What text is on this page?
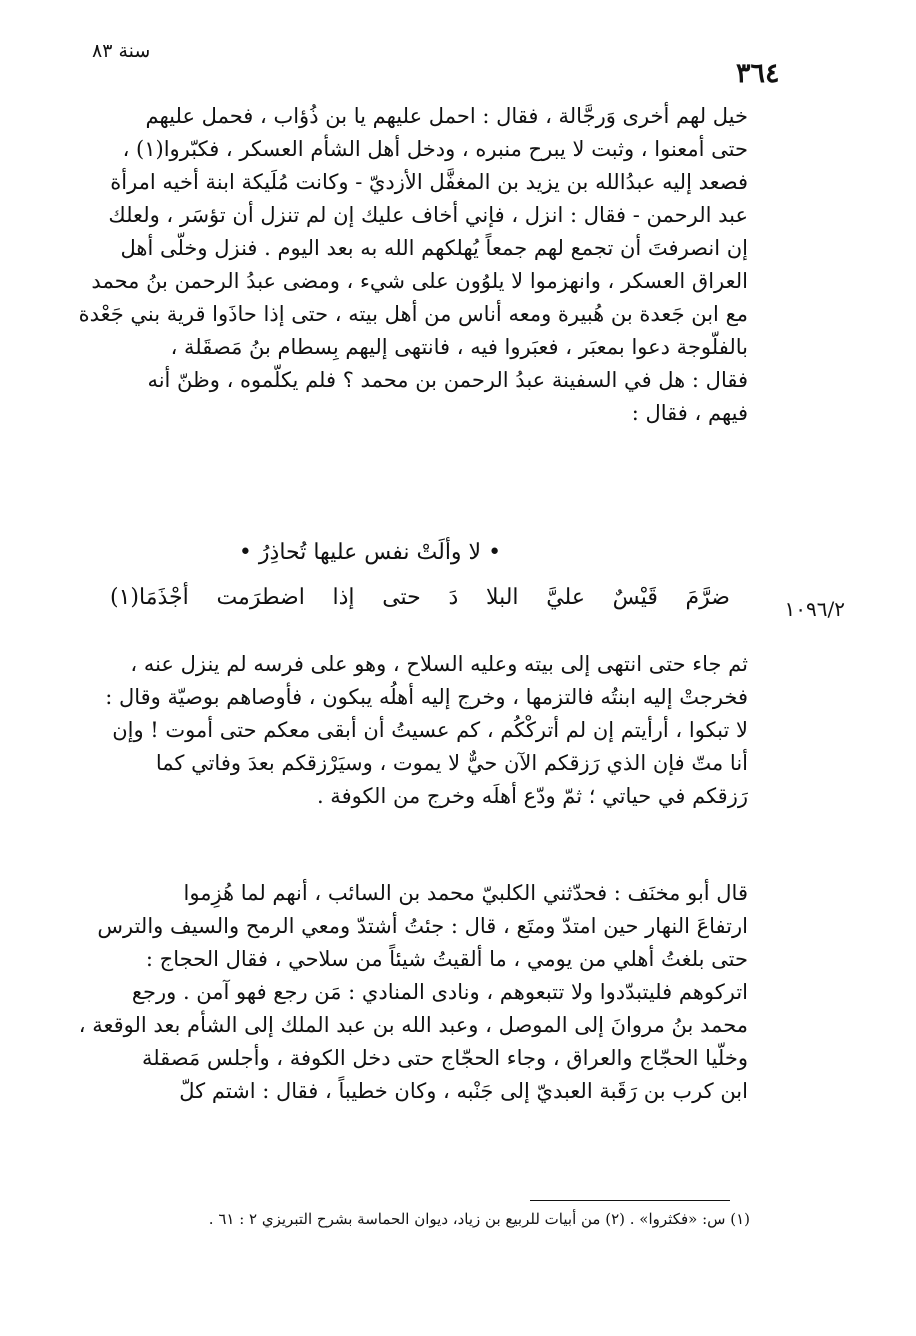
سنة ٨٣
٣٦٤
خيل لهم أخرى وَرجَّالة ، فقال : احمل عليهم يا بن ذُؤاب ، فحمل عليهم
حتى أمعنوا ، وثبت لا يبرح منبره ، ودخل أهل الشأم العسكر ، فكبّروا(١) ،
فصعد إليه عبدُالله بن يزيد بن المغفَّل الأزديّ - وكانت مُلَيكة ابنة أخيه امرأة
عبد الرحمن - فقال : انزل ، فإني أخاف عليك إن لم تنزل أن تؤسَر ، ولعلك
إن انصرفتَ أن تجمع لهم جمعاً يُهلكهم الله به بعد اليوم . فنزل وخلّى أهل
العراق العسكر ، وانهزموا لا يلوُون على شيء ، ومضى عبدُ الرحمن بنُ محمد
مع ابن جَعدة بن هُبيرة ومعه أناس من أهل بيته ، حتى إذا حاذَوا قرية بني جَعْدة
بالفلّوجة دعوا بمعبَر ، فعبَروا فيه ، فانتهى إليهم بِسطام بنُ مَصقَلة ،
فقال : هل في السفينة عبدُ الرحمن بن محمد ؟ فلم يكلّموه ، وظنّ أنه
فيهم ، فقال :
• لا وألَتْ نفس عليها تُحاذِرُ •
ضرَّمَ قَيْسٌ عليَّ البلا دَ حتى إذا اضطرَمت أجْذَمَا(١)	١٠٩٦/٢
ثم جاء حتى انتهى إلى بيته وعليه السلاح ، وهو على فرسه لم ينزل عنه ،
فخرجتْ إليه ابنتُه فالتزمها ، وخرج إليه أهلُه يبكون ، فأوصاهم بوصيّة وقال :
لا تبكوا ، أرأيتم إن لم أتركْكُم ، كم عسيتُ أن أبقى معكم حتى أموت ! وإن
أنا متّ فإن الذي رَزقكم الآن حيٌّ لا يموت ، وسيَرْزقكم بعدَ وفاتي كما
رَزقكم في حياتي ؛ ثمّ ودّع أهلَه وخرج من الكوفة .
قال أبو مخنَف : فحدّثني الكلبيّ محمد بن السائب ، أنهم لما هُزِموا
ارتفاعَ النهار حين امتدّ ومتَع ، قال : جئتُ أشتدّ ومعي الرمح والسيف والترس
حتى بلغتُ أهلي من يومي ، ما ألقيتُ شيئاً من سلاحي ، فقال الحجاج :
اتركوهم فليتبدّدوا ولا تتبعوهم ، ونادى المنادي : مَن رجع فهو آمن . ورجع
محمد بنُ مروانَ إلى الموصل ، وعبد الله بن عبد الملك إلى الشأم بعد الوقعة ،
وخلّيا الحجّاج والعراق ، وجاء الحجّاج حتى دخل الكوفة ، وأجلس مَصقلة
ابن كرب بن رَقَبة العبديّ إلى جَنْبه ، وكان خطيباً ، فقال : اشتم كلّ
(١) س: «فكثروا» . (٢) من أبيات للربيع بن زياد، ديوان الحماسة بشرح التبريزي ٢ : ٦١ .
